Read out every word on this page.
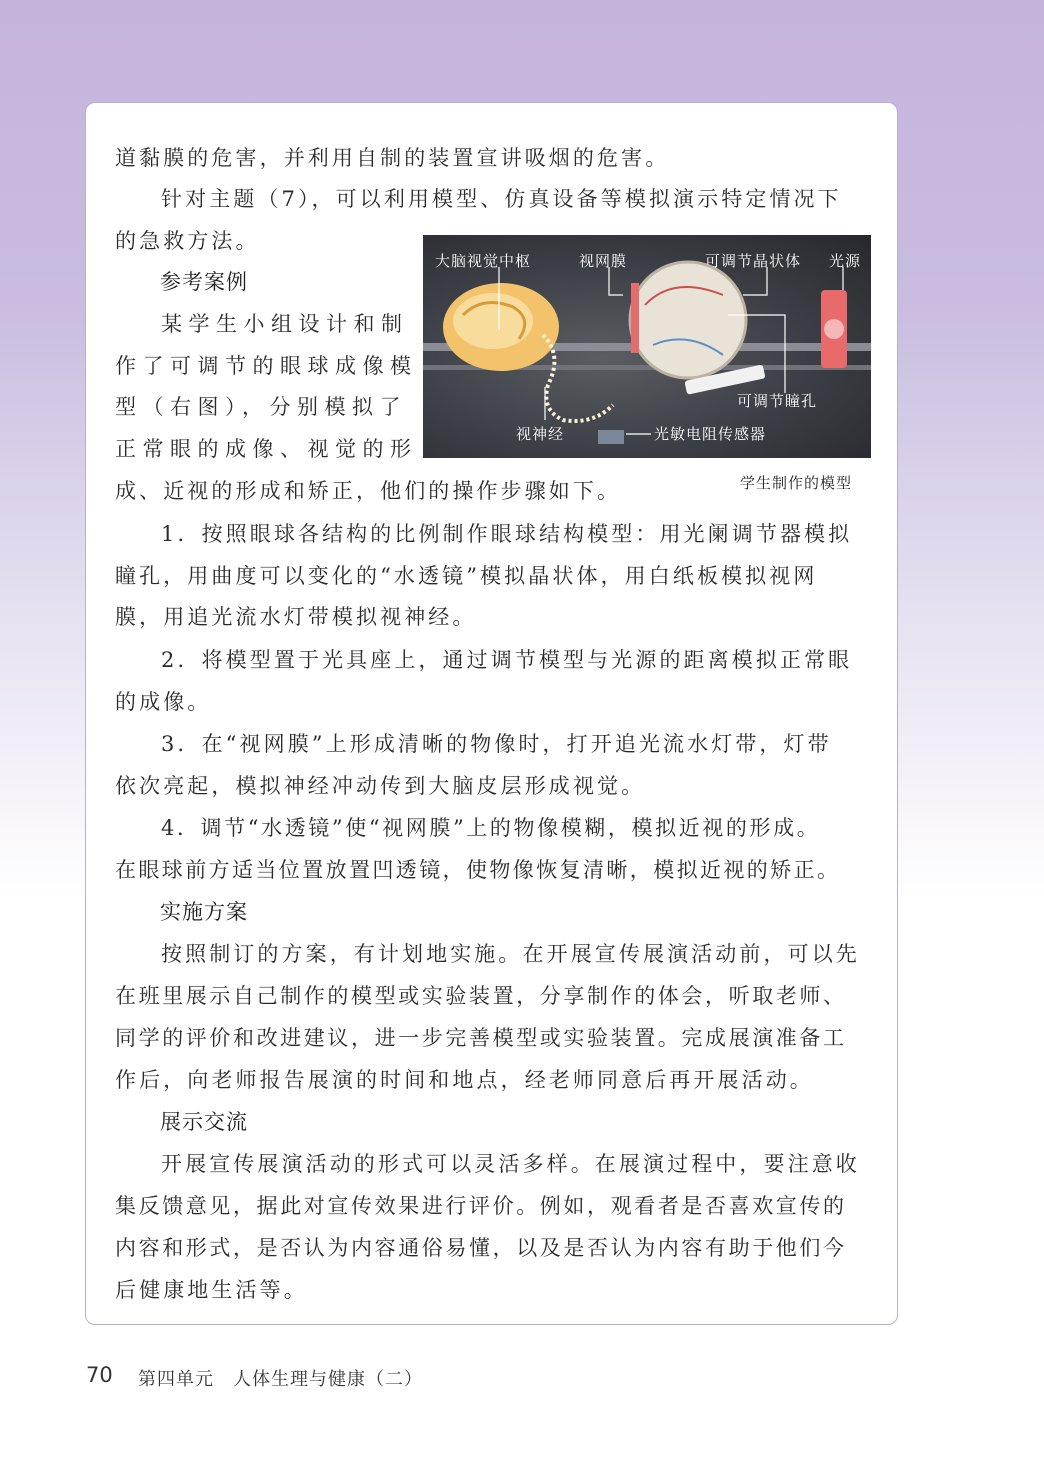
道黏膜的危害，并利用自制的装置宣讲吸烟的危害。
针对主题（7），可以利用模型、仿真设备等模拟演示特定情况下
的急救方法。
参考案例
某学生小组设计和制
作了可调节的眼球成像模
型（右图），分别模拟了
正常眼的成像、视觉的形
成、近视的形成和矫正，他们的操作步骤如下。
大脑视觉中枢	视网膜	可调节晶状体 光源
可调节瞳孔
视神经	光敏电阻传感器
学生制作的模型
1．按照眼球各结构的比例制作眼球结构模型：用光阑调节器模拟
瞳孔，用曲度可以变化的“水透镜”模拟晶状体，用白纸板模拟视网
膜，用追光流水灯带模拟视神经。
2．将模型置于光具座上，通过调节模型与光源的距离模拟正常眼
的成像。
3．在“视网膜”上形成清晰的物像时，打开追光流水灯带，灯带
依次亮起，模拟神经冲动传到大脑皮层形成视觉。
4．调节“水透镜”使“视网膜”上的物像模糊，模拟近视的形成。
在眼球前方适当位置放置凹透镜，使物像恢复清晰，模拟近视的矫正。
实施方案
按照制订的方案，有计划地实施。在开展宣传展演活动前，可以先
在班里展示自己制作的模型或实验装置，分享制作的体会，听取老师、
同学的评价和改进建议，进一步完善模型或实验装置。完成展演准备工
作后，向老师报告展演的时间和地点，经老师同意后再开展活动。
展示交流
开展宣传展演活动的形式可以灵活多样。在展演过程中，要注意收
集反馈意见，据此对宣传效果进行评价。例如，观看者是否喜欢宣传的
内容和形式，是否认为内容通俗易懂，以及是否认为内容有助于他们今
后健康地生活等。
70 第四单元　人体生理与健康（二）
